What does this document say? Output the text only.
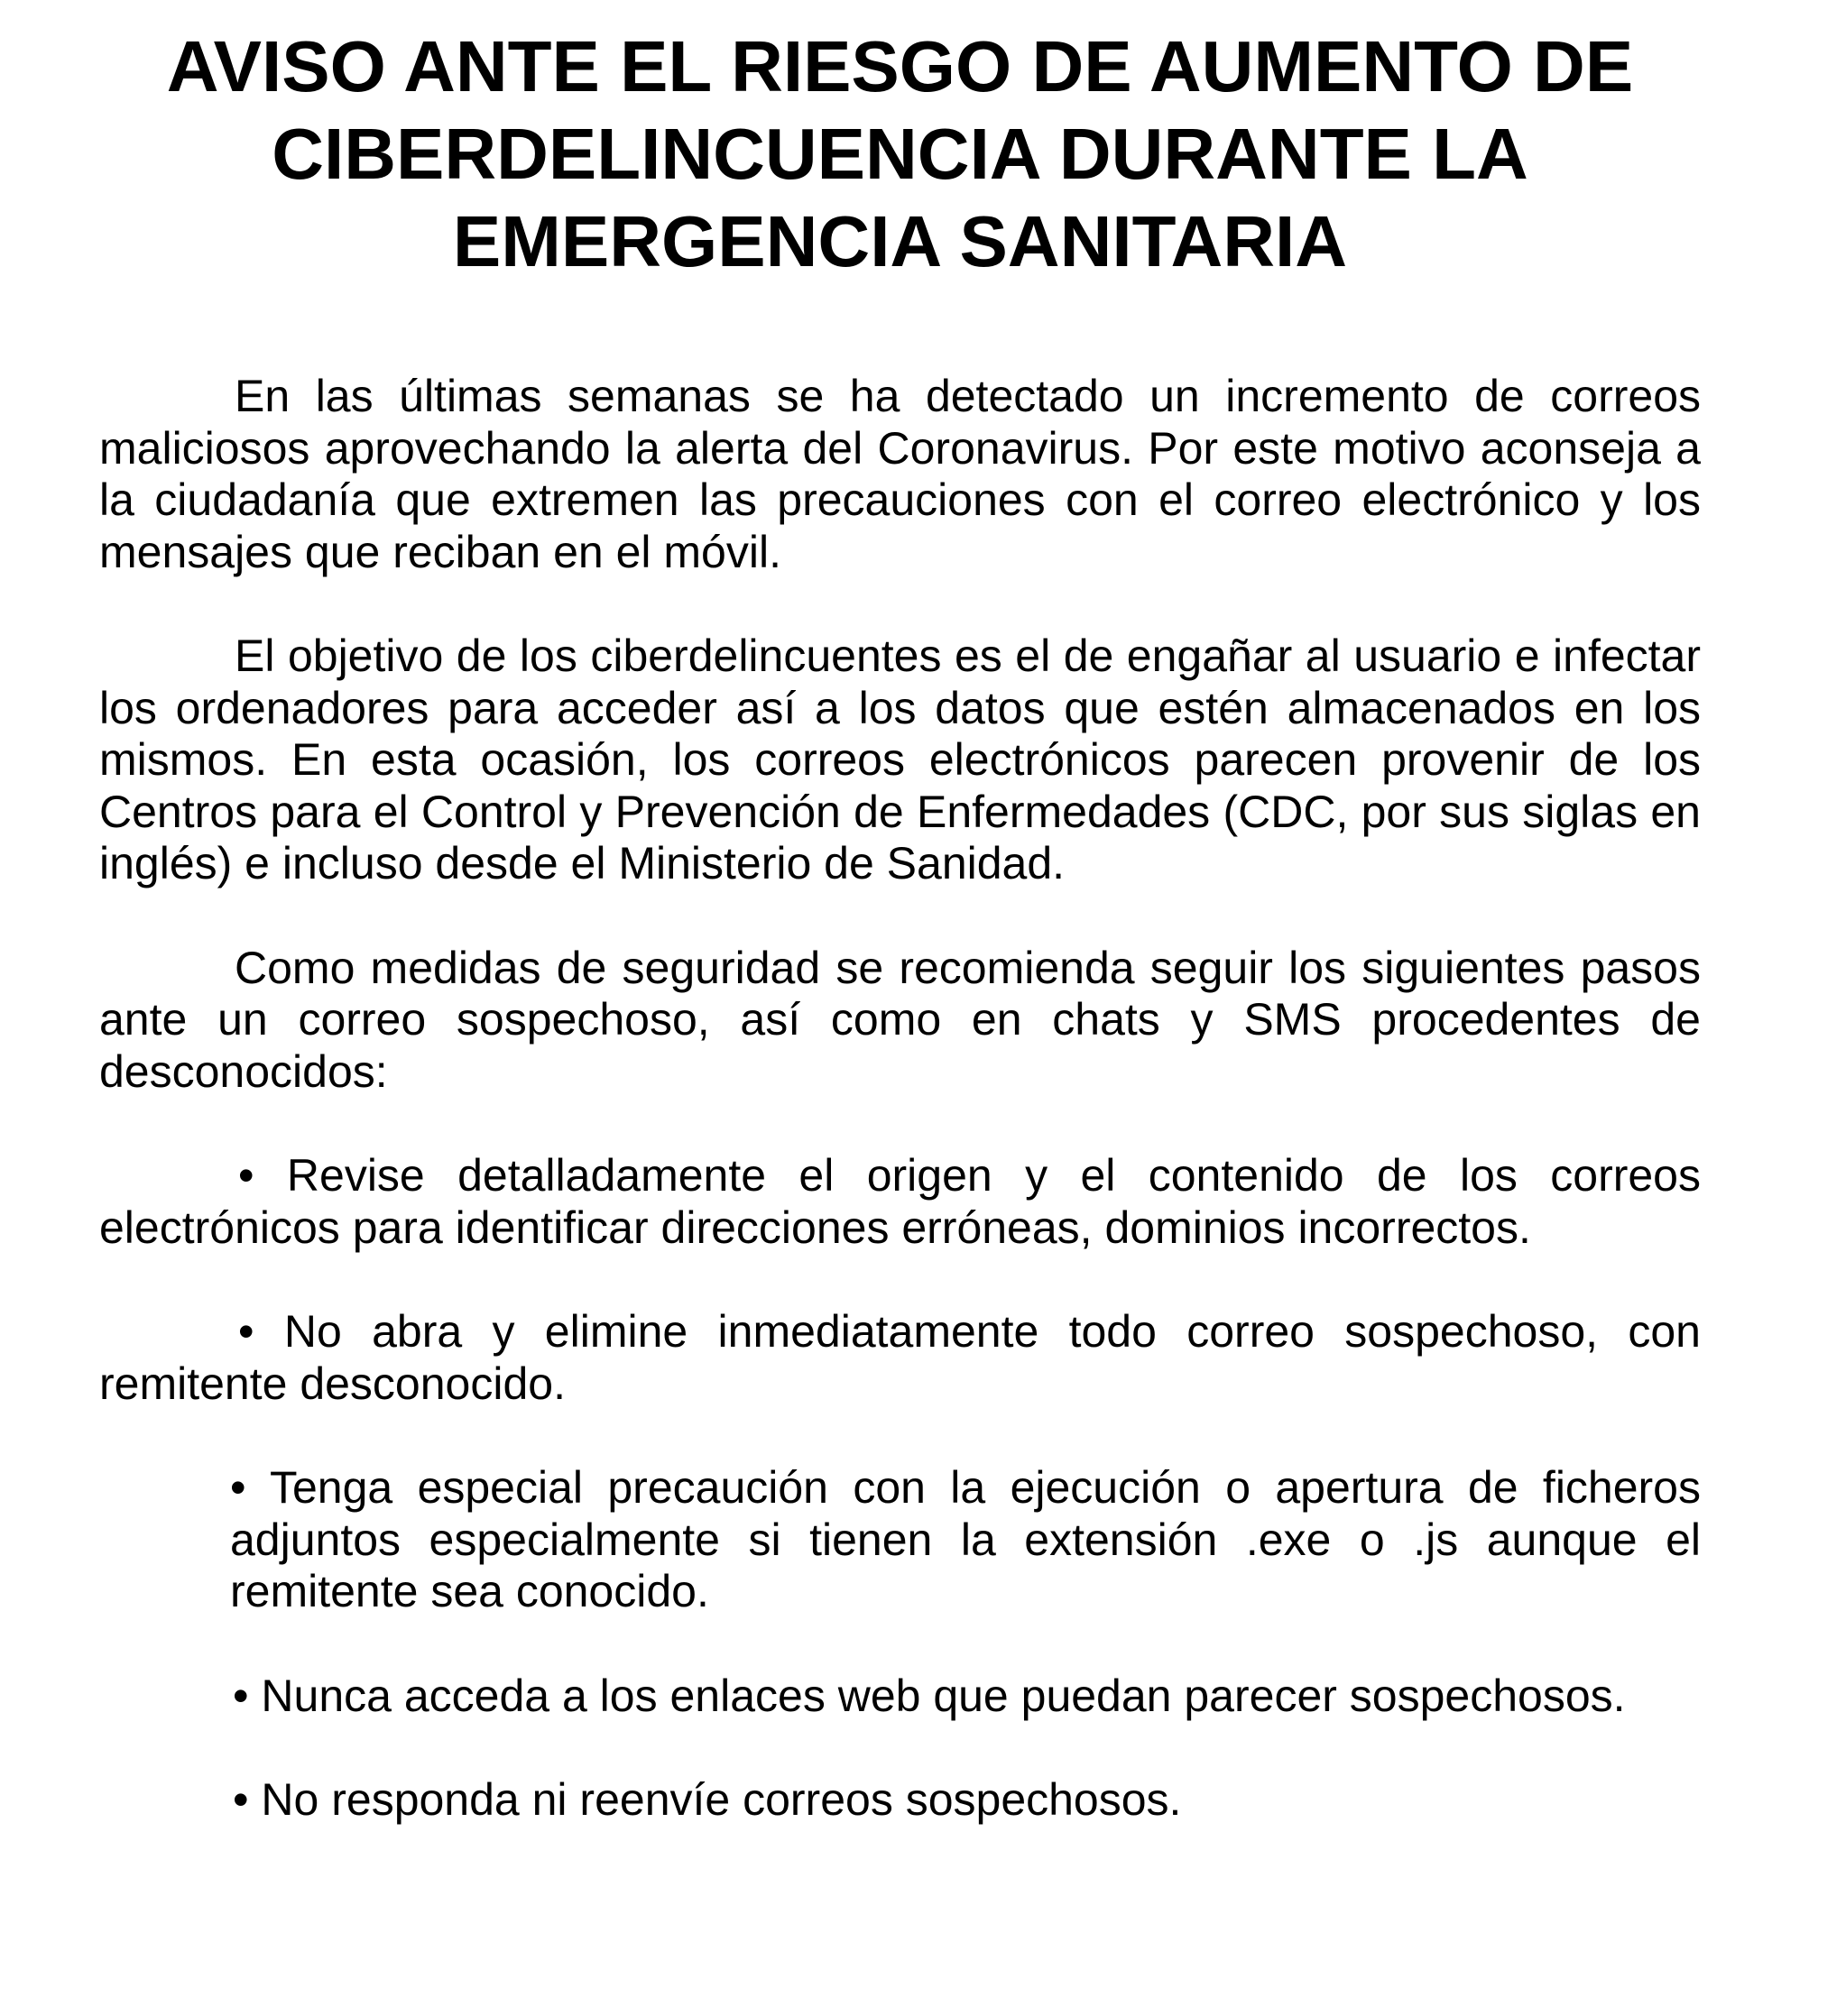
AVISO ANTE EL RIESGO DE AUMENTO DE CIBERDELINCUENCIA DURANTE LA EMERGENCIA SANITARIA

En las últimas semanas se ha detectado un incremento de correos maliciosos aprovechando la alerta del Coronavirus. Por este motivo aconseja a la ciudadanía que extremen las precauciones con el correo electrónico y los mensajes que reciban en el móvil.

El objetivo de los ciberdelincuentes es el de engañar al usuario e infectar los ordenadores para acceder así a los datos que estén almacenados en los mismos. En esta ocasión, los correos electrónicos parecen provenir de los Centros para el Control y Prevención de Enfermedades (CDC, por sus siglas en inglés) e incluso desde el Ministerio de Sanidad.

Como medidas de seguridad se recomienda seguir los siguientes pasos ante un correo sospechoso, así como en chats y SMS procedentes de desconocidos:

• Revise detalladamente el origen y el contenido de los correos electrónicos para identificar direcciones erróneas, dominios incorrectos.

• No abra y elimine inmediatamente todo correo sospechoso, con remitente desconocido.

• Tenga especial precaución con la ejecución o apertura de ficheros adjuntos especialmente si tienen la extensión .exe o .js aunque el remitente sea conocido.

• Nunca acceda a los enlaces web que puedan parecer sospechosos.

• No responda ni reenvíe correos sospechosos.
